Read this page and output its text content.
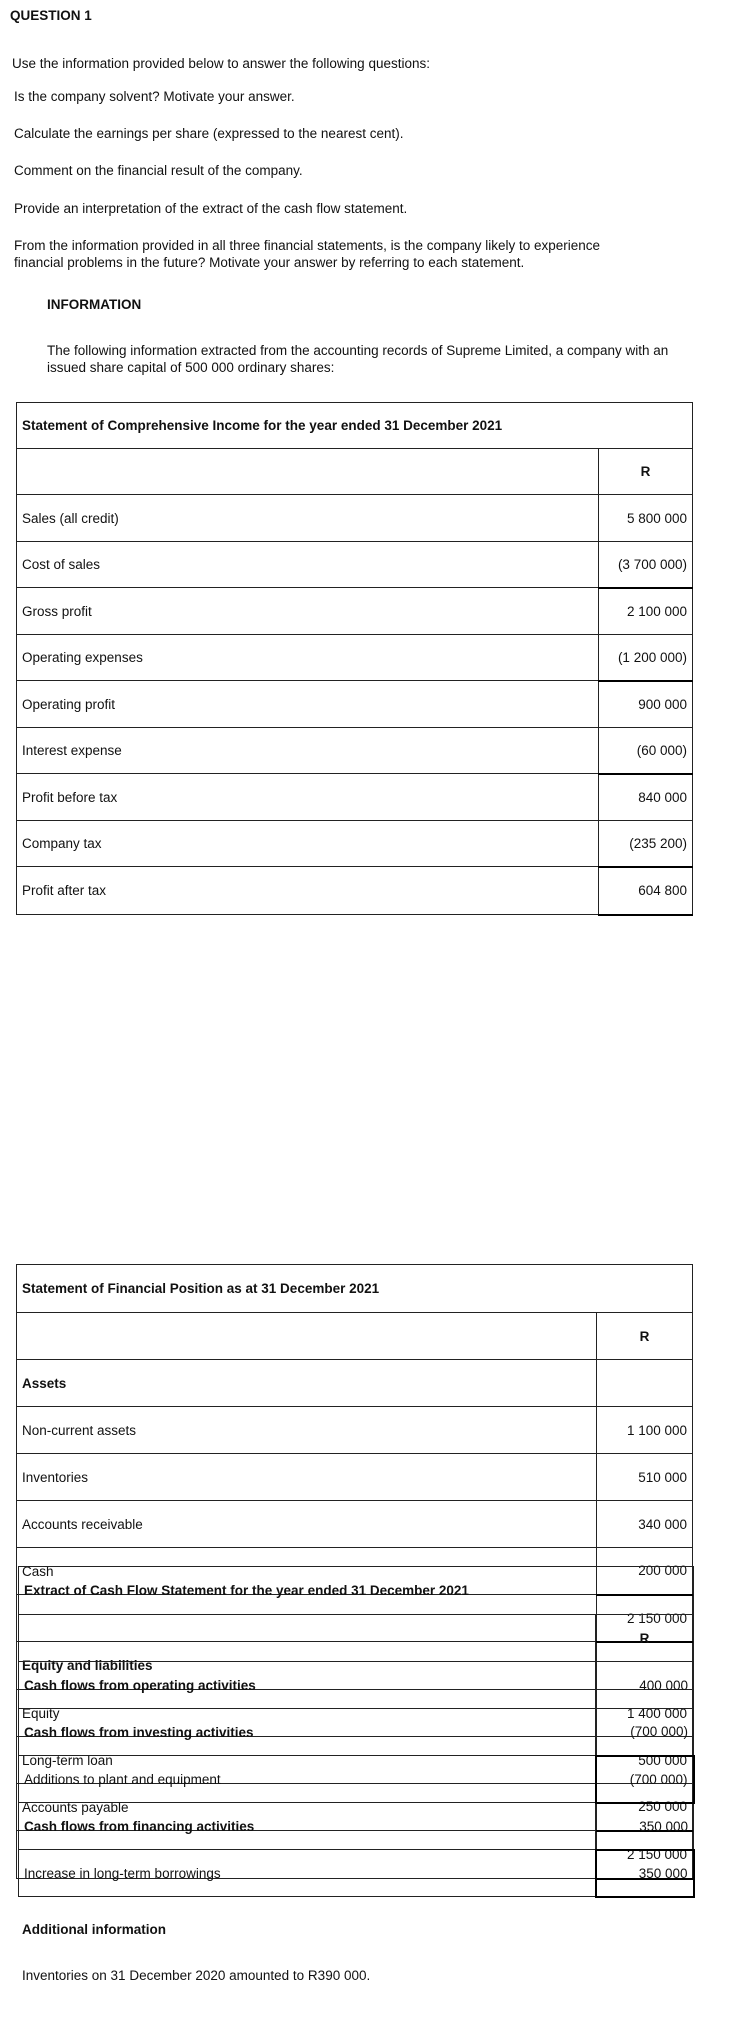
QUESTION 1
Use the information provided below to answer the following questions:
Is the company solvent? Motivate your answer.
Calculate the earnings per share (expressed to the nearest cent).
Comment on the financial result of the company.
Provide an interpretation of the extract of the cash flow statement.
From the information provided in all three financial statements, is the company likely to experience financial problems in the future? Motivate your answer by referring to each statement.
INFORMATION
The following information extracted from the accounting records of Supreme Limited, a company with an issued share capital of 500 000 ordinary shares:
Statement of Comprehensive Income for the year ended 31 December 2021	
	R
Sales (all credit)	5 800 000
Cost of sales	(3 700 000)
Gross profit	2 100 000
Operating expenses	(1 200 000)
Operating profit	900 000
Interest expense	(60 000)
Profit before tax	840 000
Company tax	(235 200)
Profit after tax	604 800
Statement of Financial Position as at 31 December 2021	
	R
Assets	
Non-current assets	1 100 000
Inventories	510 000
Accounts receivable	340 000
Cash	200 000
	2 150 000
Equity and liabilities	
Equity	1 400 000
Long-term loan	500 000
Accounts payable	250 000
	2 150 000
Extract of Cash Flow Statement for the year ended 31 December 2021	
	R
Cash flows from operating activities	400 000
Cash flows from investing activities	(700 000)
Additions to plant and equipment	(700 000)
Cash flows from financing activities	350 000
Increase in long-term borrowings	350 000
Additional information
Inventories on 31 December 2020 amounted to R390 000.
